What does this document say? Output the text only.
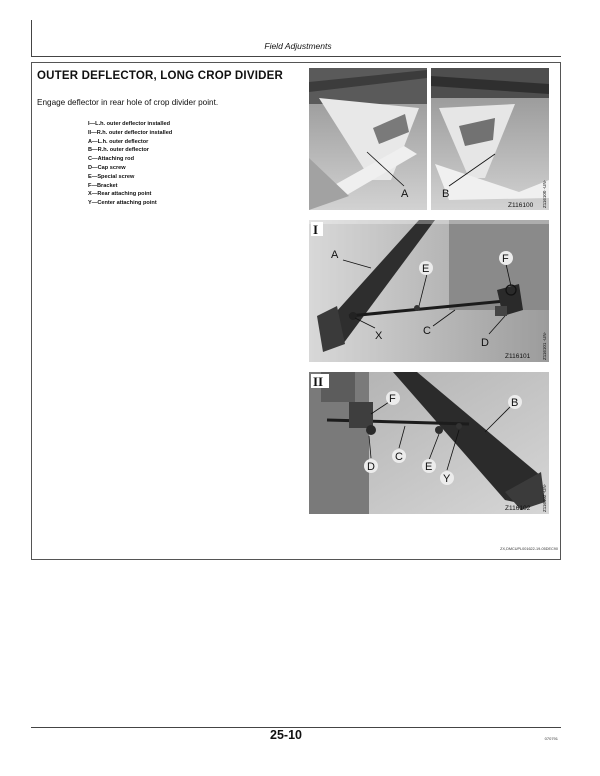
Field Adjustments
OUTER DEFLECTOR, LONG CROP DIVIDER
Engage deflector in rear hole of crop divider point.
I—L.h. outer deflector installed
II—R.h. outer deflector installed
A—L.h. outer deflector
B—R.h. outer deflector
C—Attaching rod
D—Cap screw
E—Special screw
F—Bracket
X—Rear attaching point
Y—Center attaching point
A	B
Z116100 Z116100 -UN-
I
A
E
F
X	C
D
Z116101	Z116101 -UN-
II
F	B
D
C
E
Y
Z116102	Z116102 -UN-
ZX,DMCUPL001622-19-05DEC90
25-10	070791
